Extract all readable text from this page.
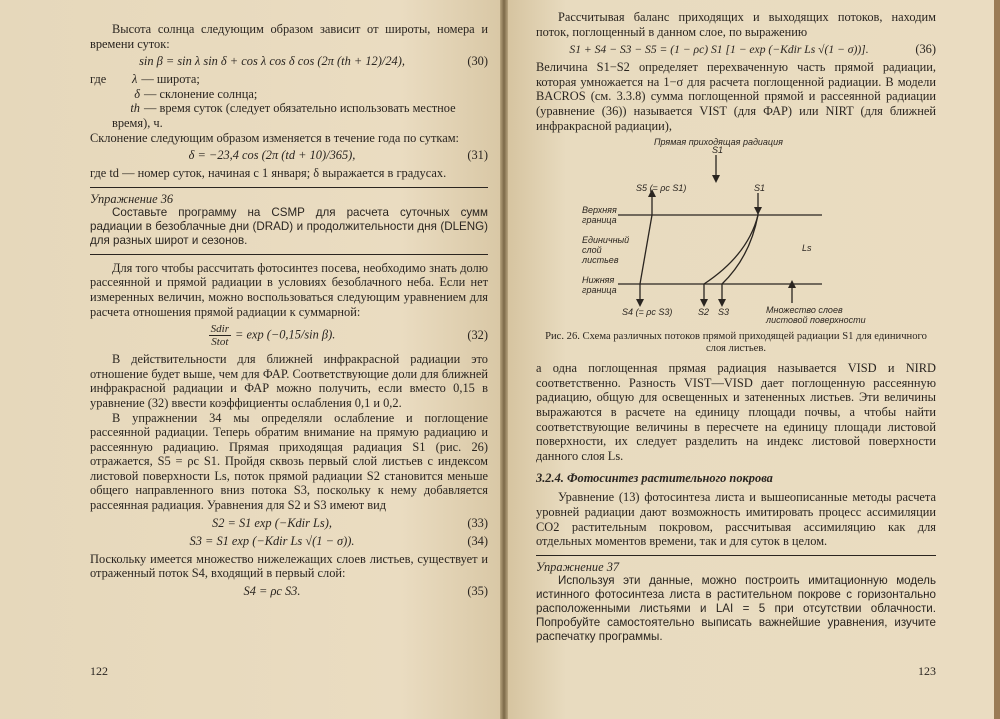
Высота солнца следующим образом зависит от широты, номера и времени суток:

sin β = sin λ sin δ + cos λ cos δ cos (2π (th + 12)/24),	(30)
где λ — широта;
δ — склонение солнца;
th — время суток (следует обязательно использовать местное время), ч.

Склонение следующим образом изменяется в течение года по суткам:

δ = −23,4 cos (2π (td + 10)/365),	(31)

где td — номер суток, начиная с 1 января; δ выражается в градусах.

Упражнение 36

Составьте программу на CSMP для расчета суточных сумм радиации в безоблачные дни (DRAD) и продолжительности дня (DLENG) для разных широт и сезонов.

Для того чтобы рассчитать фотосинтез посева, необходимо знать долю рассеянной и прямой радиации в условиях безоблачного неба. Если нет измеренных величин, можно воспользоваться следующим уравнением для расчета отношения прямой радиации к суммарной:

$\frac{\text{Sdir}}{\text{Stot}} = \exp (-0,15/\sin$ β).	(32)

В действительности для ближней инфракрасной радиации это отношение будет выше, чем для ФАР. Соответствующие доли для ближней инфракрасной радиации и ФАР можно получить, если вместо 0,15 в уравнение (32) ввести коэффициенты ослабления 0,1 и 0,2.

В упражнении 34 мы определяли ослабление и поглощение рассеянной радиации. Теперь обратим внимание на прямую радиацию и рассеянную радиацию. Прямая приходящая радиация S1 (рис. 26) отражается, S5 = ρc S1. Пройдя сквозь первый слой листьев с индексом листовой поверхности Ls, поток прямой радиации S2 становится меньше общего направленного вниз потока S3, поскольку к нему добавляется рассеянная радиация. Уравнения для S2 и S3 имеют вид

S2 = S1 exp (−Kdir Ls),	(33)
S3 = S1 exp (−Kdir Ls √(1 − σ)).	(34)

Поскольку имеется множество нижележащих слоев листьев, существует и отраженный поток S4, входящий в первый слой:

S4 = ρc S3.	(35)
122

Рассчитывая баланс приходящих и выходящих потоков, находим поток, поглощенный в данном слое, по выражению

S1 + S4 − S3 − S5 = (1 − ρc) S1 [1 − exp (−Kdir Ls √(1 − σ))].	(36)

Величина S1−S2 определяет перехваченную часть прямой радиации, которая умножается на 1−σ для расчета поглощенной радиации. В модели BACROS (см. 3.3.8) сумма поглощенной прямой и рассеянной радиации (уравнение (36)) называется VIST (для ФАР) или NIRT (для ближней инфракрасной радиации),

Прямая приходящая радиация
S1
S5 (= ρc S1)	S1
Верхняя граница
Единичный слой листьев
Ls
Нижняя граница
S4 (= ρc S3)	S2 S3	Множество слоев листовой поверхности
Рис. 26. Схема различных потоков прямой приходящей радиации S1 для единичного слоя листьев.

а одна поглощенная прямая радиация называется VISD и NIRD соответственно. Разность VIST—VISD дает поглощенную рассеянную радиацию, общую для освещенных и затененных листьев. Эти величины выражаются в расчете на единицу площади почвы, а чтобы найти соответствующие величины в пересчете на единицу площади листовой поверхности, их следует разделить на индекс листовой поверхности данного слоя Ls.

3.2.4. Фотосинтез растительного покрова

Уравнение (13) фотосинтеза листа и вышеописанные методы расчета уровней радиации дают возможность имитировать процесс ассимиляции CO2 растительным покровом, рассчитывая ассимиляцию как для отдельных моментов времени, так и для суток в целом.

Упражнение 37

Используя эти данные, можно построить имитационную модель истинного фотосинтеза листа в растительном покрове с горизонтально расположенными листьями и LAI = 5 при отсутствии облачности. Попробуйте самостоятельно выписать важнейшие уравнения, изучите распечатку программы.

123
